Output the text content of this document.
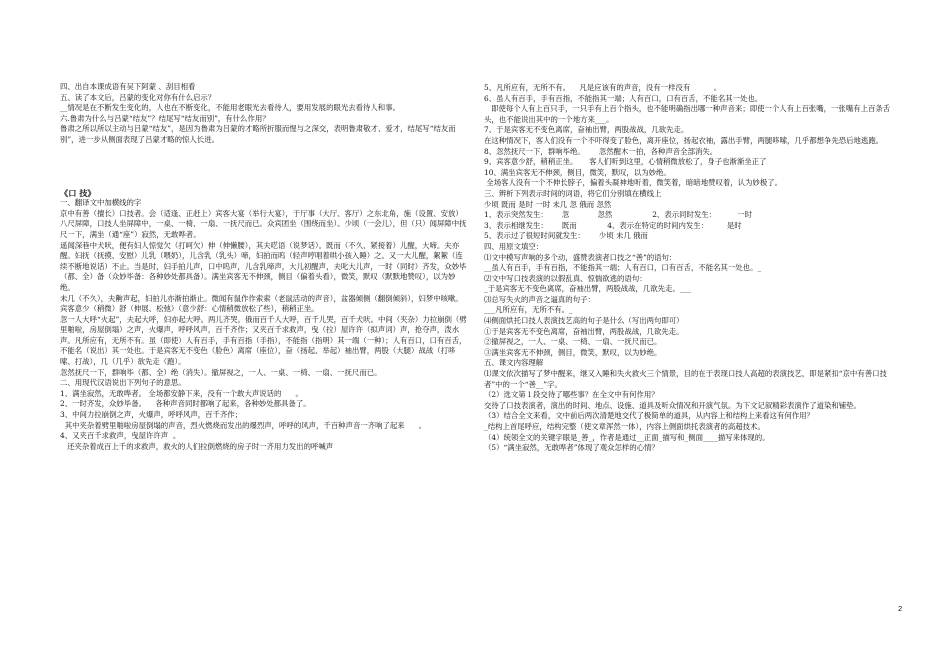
四、出自本课成语有吴下阿蒙 、刮目相看

五、读了本文后，吕蒙的变化对你有什么启示？

__情况是在不断发生变化的，人也在不断变化，不能用老眼光去看待人，要用发展的眼光去看待人和事。

六.鲁肃为什么与吕蒙“结友”？结尾写“结友而别”，有什么作用？

鲁肃之所以所以主动与吕蒙“结友”，是因为鲁肃为吕蒙的才略所折服而惺与之深交，表明鲁肃敬才、爱才，结尾写“结友而别”，进一步从侧面表现了吕蒙才略的惊人长进。

《口 技》

一、翻译文中加横线的字

京中有善（擅长）口技者。会（适逢、正赶上）宾客大宴（举行大宴），于厅事（大厅、客厅）之东北角，施（设置、安放）八尺屏障，口技人坐屏障中，一桌、一椅、一扇、一抚尺而已。众宾团坐（围绕而坐）。少顷（一会儿），但（只）闻屏障中抚尺一下，满坐（通“座”）寂然，无敢哗者。

遥闻深巷中犬吠，便有妇人惊觉欠（打呵欠）伸（伸懒腰），其夫呓语（说梦话）。既而（不久、紧接着）儿醒，大啼。夫亦醒。妇抚（抚摸、安慰）儿乳（喂奶），儿含乳（乳头）啼，妇拍而呜（轻声哼唱着哄小孩入睡）之。又一大儿醒，絮絮（连续不断地说话）不止。当是时，妇手拍儿声，口中呜声，儿含乳啼声，大儿初醒声，夫叱大儿声，一时（同时）齐发，众妙毕（都、全）备（众妙毕备：各种妙处都具备）。满坐宾客无不伸颈，侧目（偏着头看），微笑，默叹（默默地赞叹），以为妙绝。

未几（不久），夫齁声起，妇拍儿亦渐拍渐止。微闻有鼠作作索索（老鼠活动的声音），盆器倾侧（翻倒倾斜），妇梦中咳嗽。宾客意少（稍微）舒（伸展、松弛）（意少舒：心情稍微放松了些），稍稍正坐。

忽一人大呼“火起”，夫起大呼，妇亦起大呼。两儿齐哭。俄而百千人大呼，百千儿哭，百千犬吠。中间（夹杂）力拉崩倒（劈里啪啦，房屋倒塌）之声，火爆声，呼呼风声，百千齐作；又夹百千求救声，曳（拉）屋许许（拟声词）声，抢夺声，泼水声。凡所应有，无所不有。虽（即使）人有百手，手有百指（手指），不能指（指明）其一端（一种）；人有百口，口有百舌，不能名（说出）其一处也。于是宾客无不变色（脸色）离席（座位），奋（扬起、举起）袖出臂，两股（大腿）战战（打哆嗦、打战），几（几乎）欲先走（跑）。

忽然抚尺一下，群响毕（都、全）绝（消失）。撤屏视之，一人、一桌、一椅、一扇、一抚尺而已。

二、用现代汉语说出下列句子的意思。

1、满坐寂然，无敢哗者。 全场都安静下来，没有一个敢大声说话的      。

2、一时齐发，众妙毕备。    各种声音同时都响了起来，各种妙处都具备了。

3、中间力拉崩倒之声，火爆声，呼呼风声，百千齐作；

其中夹杂着劈里啪啦房屋倒塌的声音，烈火燃烧而发出的爆烈声，呼呼的风声，千百种声音一齐响了起来      。

4、又夹百千求救声，曳屋许许声  。

还夹杂着成百上千的求救声，救火的人们拉倒燃烧的房子时一齐用力发出的呼喊声

5、凡所应有，无所不有。    凡是应该有的声音，没有一样没有          。

6、虽人有百手，手有百指，不能指其一端；人有百口，口有百舌，不能名其一处也。

即使每个人有上百只手，一只手有上百个指头，也不能明确指出哪一种声音来；即使一个人有上百张嘴，一张嘴有上百条舌头，也不能说出其中的一个地方来___。

7、于是宾客无不变色离席，奋袖出臂，两股战战，几欲先走。

在这种情况下，客人们没有一个不吓得变了脸色，离开座位，扬起衣袖，露出手臂，两腿哆嗦，几乎都想争先恐后地逃跑。

8、忽然抚尺一下，群响毕绝。      忽然醒木一拍，各种声音全部消失。

9、宾客意少舒，稍稍正坐。     客人们听到这里，心情稍微放松了，身子也渐渐坐正了

10、满坐宾客无不伸颈，侧目，微笑，默叹，以为妙绝。

全场客人没有一个不伸长脖子，偏着头凝神地听着，微笑着，暗暗地赞叹着，认为妙极了。

三、辨析下列表示时间的词语，将它们分别填在横线上

少顷 既而 是时 一时 未几 忽 俄而 忽然

1、表示突然发生：      忽            忽然                 2、表示同时发生：         一时

3、表示相继发生：      既而             4、表示在特定的时间内发生：        是时

5、表示过了很短时间就发生：      少顷 未几 俄而

四、用原文填空：

⑴文中模写声响的多个动，盛赞表演者口技之“善”的语句：

__虽人有百手，手有百指，不能指其一端；人有百口，口有百舌，不能名其一处也。_

⑵文中写口技表演的以假乱真、惊惴欲逃的语句：

_于是宾客无不变色离席，奋袖出臂，两股战战，几欲先走。___

⑶总写失火的声音之逼真的句子：

___凡所应有，无所不有。_

⑷侧面烘托口技人表演技艺高的句子是什么（写出两句即可）

①于是宾客无不变色离席，奋袖出臂，两股战战，几欲先走。

②撤屏视之，一人、一桌、一椅、一扇、一抚尺而已。

③满坐宾客无不伸颈，侧目，微笑，默叹，以为妙绝。

五、课文内容理解

⑴课文依次描写了梦中醒来，继又入睡和失火救火三个情景，目的在于表现口技人高超的表演技艺，即是紧扣“京中有善口技者”中的一个“善__”字。

（2）选文第１段交待了哪些事？在全文中有何作用？

交待了口技表演者，演出的时间、地点、设施、道具及听众情况和开演气氛。为下文记叙精彩表演作了道染和铺垫。

（3）结合全文来看，文中前后两次清楚地交代了极简单的道具，从内容上和结构上来看这有何作用？

_结构上首尾呼应，结构完整（使文章浑然一体），内容上侧面烘托表演者的高超技术。

（4）统领全文的关键字眼是_善_，作者是通过__正面_描写和_侧面____描写来体现的。

（5）“满坐寂然，无敢哗者”体现了观众怎样的心情？

2
